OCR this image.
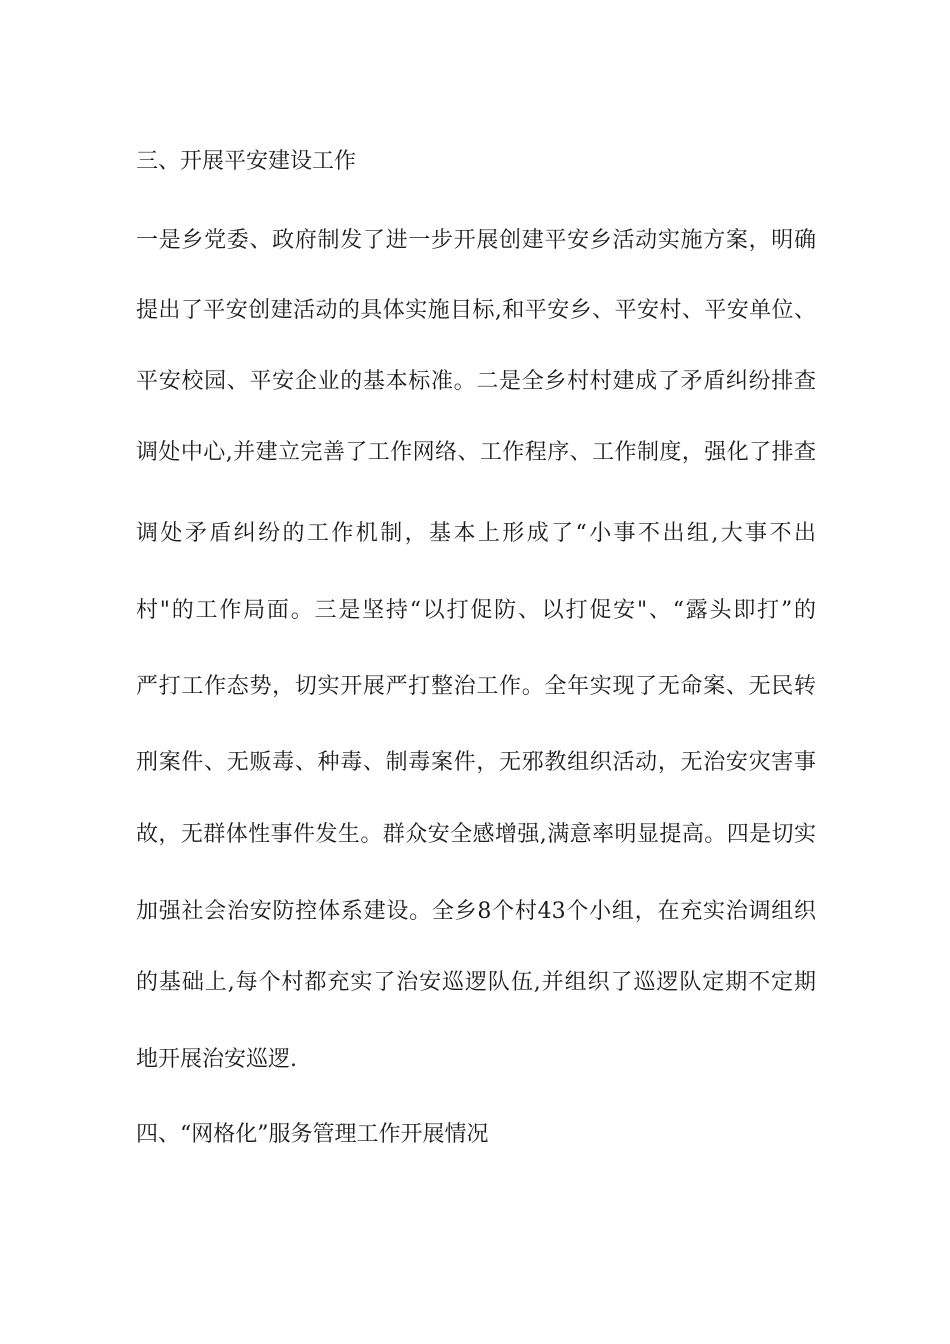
三、开展平安建设工作
一是乡党委、政府制发了进一步开展创建平安乡活动实施方案，明确
提出了平安创建活动的具体实施目标,和平安乡、平安村、平安单位、
平安校园、平安企业的基本标准。二是全乡村村建成了矛盾纠纷排查
调处中心,并建立完善了工作网络、工作程序、工作制度，强化了排查
调处矛盾纠纷的工作机制，基本上形成了“小事不出组,大事不出
村"的工作局面。三是坚持“以打促防、以打促安"、“露头即打”的
严打工作态势，切实开展严打整治工作。全年实现了无命案、无民转
刑案件、无贩毒、种毒、制毒案件，无邪教组织活动，无治安灾害事
故，无群体性事件发生。群众安全感增强,满意率明显提高。四是切实
加强社会治安防控体系建设。全乡8个村43个小组，在充实治调组织
的基础上,每个村都充实了治安巡逻队伍,并组织了巡逻队定期不定期
地开展治安巡逻.
四、“网格化”服务管理工作开展情况
